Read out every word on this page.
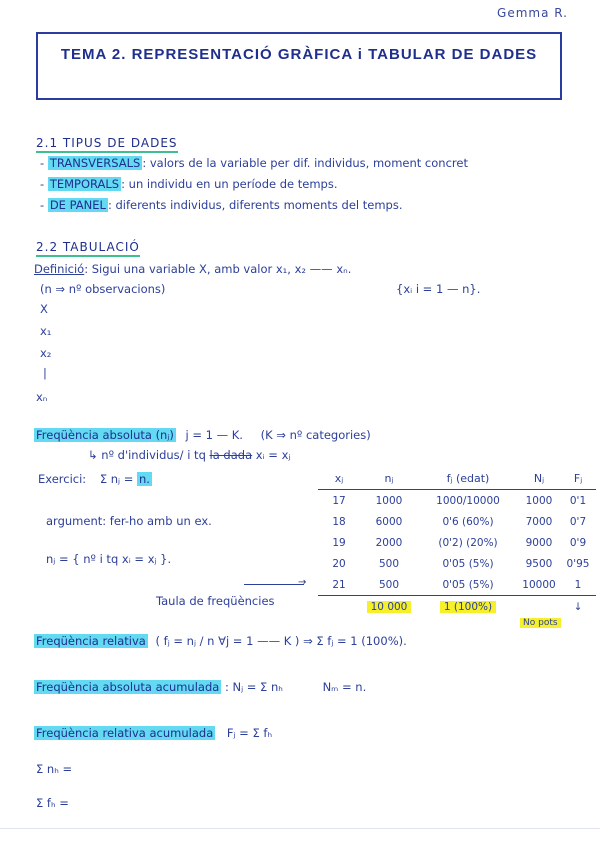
Gemma R.
TEMA 2. REPRESENTACIÓ GRÀFICA i TABULAR DE DADES
2.1 TIPUS DE DADES
- TRANSVERSALS : valors de la variable per dif. individus, moment concret
- TEMPORALS : un individu en un període de temps.
- DE PANEL : diferents individus, diferents moments del temps.
2.2 TABULACIÓ
Definició: Sigui una variable X, amb valor x₁, x₂ —— xₙ.
(n ⇒ nº observacions)	{xᵢ i = 1 — n}.
X
x₁
x₂
|
xₙ
Freqüència absoluta (nⱼ) j = 1 — K. (K ⇒ nº categories)
↳ nº d'individus/ i tq la dada xᵢ = xⱼ
Exercici: Σ nⱼ = n.
argument: fer-ho amb un ex.
nⱼ = { nº i tq xᵢ = xⱼ }.
Taula de freqüències
→
xⱼ	nⱼ	fⱼ (edat)	Nⱼ	Fⱼ
17	1000	1000/10000	1000	0'1
18	6000	0'6 (60%)	7000	0'7
19	2000	(0'2) (20%)	9000	0'9
20	500	0'05 (5%)	9500	0'95
21	500	0'05 (5%)	10000	1
	10 000	1 (100%)		↓
No pots
Freqüència relativa ( fⱼ = nⱼ / n ∀j = 1 —— K ) ⇒ Σ fⱼ = 1 (100%).
Freqüència absoluta acumulada : Nⱼ = Σ nₕ	Nₘ = n.
Freqüència relativa acumulada Fⱼ = Σ fₕ
Σ nₕ =
Σ fₕ =
